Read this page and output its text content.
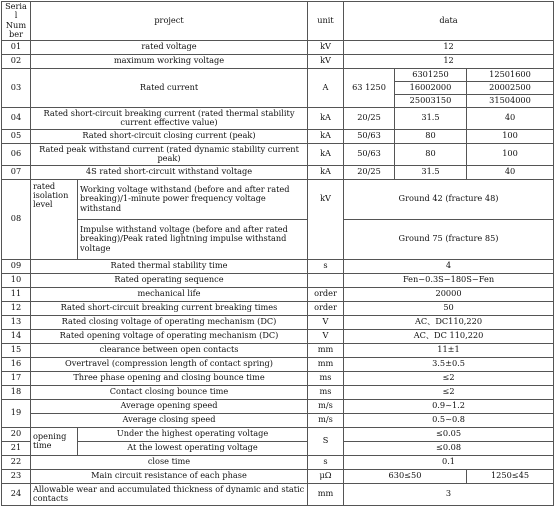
Serial Number	project		unit	data		
01	rated voltage		kV	12		
02	maximum working voltage		kV	12		
03	Rated current		A	63 1250	6301250	12501600
					16002000	20002500
					25003150	31504000
04	Rated short-circuit breaking current (rated thermal stability current effective value)		kA	20/25	31.5	40
05	Rated short-circuit closing current (peak)		kA	50/63	80	100
06	Rated peak withstand current (rated dynamic stability current peak)		kA	50/63	80	100
07	4S rated short-circuit withstand voltage		kA	20/25	31.5	40
08	rated isolation level	Working voltage withstand (before and after rated breaking)/1-minute power frequency voltage withstand	kV	Ground 42 (fracture 48)		
		Impulse withstand voltage (before and after rated breaking)/Peak rated lightning impulse withstand voltage		Ground 75 (fracture 85)		
09	Rated thermal stability time		s	4		
10	Rated operating sequence			Fen−0.3S−180S−Fen		
11	mechanical life		order	20000		
12	Rated short-circuit breaking current breaking times		order	50		
13	Rated closing voltage of operating mechanism (DC)		V	AC、DC110,220		
14	Rated opening voltage of operating mechanism (DC)		V	AC、DC 110,220		
15	clearance between open contacts		mm	11±1		
16	Overtravel (compression length of contact spring)		mm	3.5±0.5		
17	Three phase opening and closing bounce time		ms	≤2		
18	Contact closing bounce time		ms	≤2		
19	Average opening speed		m/s	0.9~1.2		
	Average closing speed		m/s	0.5~0.8		
20	opening time	Under the highest operating voltage	S	≤0.05		
21		At the lowest operating voltage		≤0.08		
22	close time		s	0.1		
23	Main circuit resistance of each phase		μΩ	630≤50		1250≤45
24	Allowable wear and accumulated thickness of dynamic and static contacts		mm	3		
